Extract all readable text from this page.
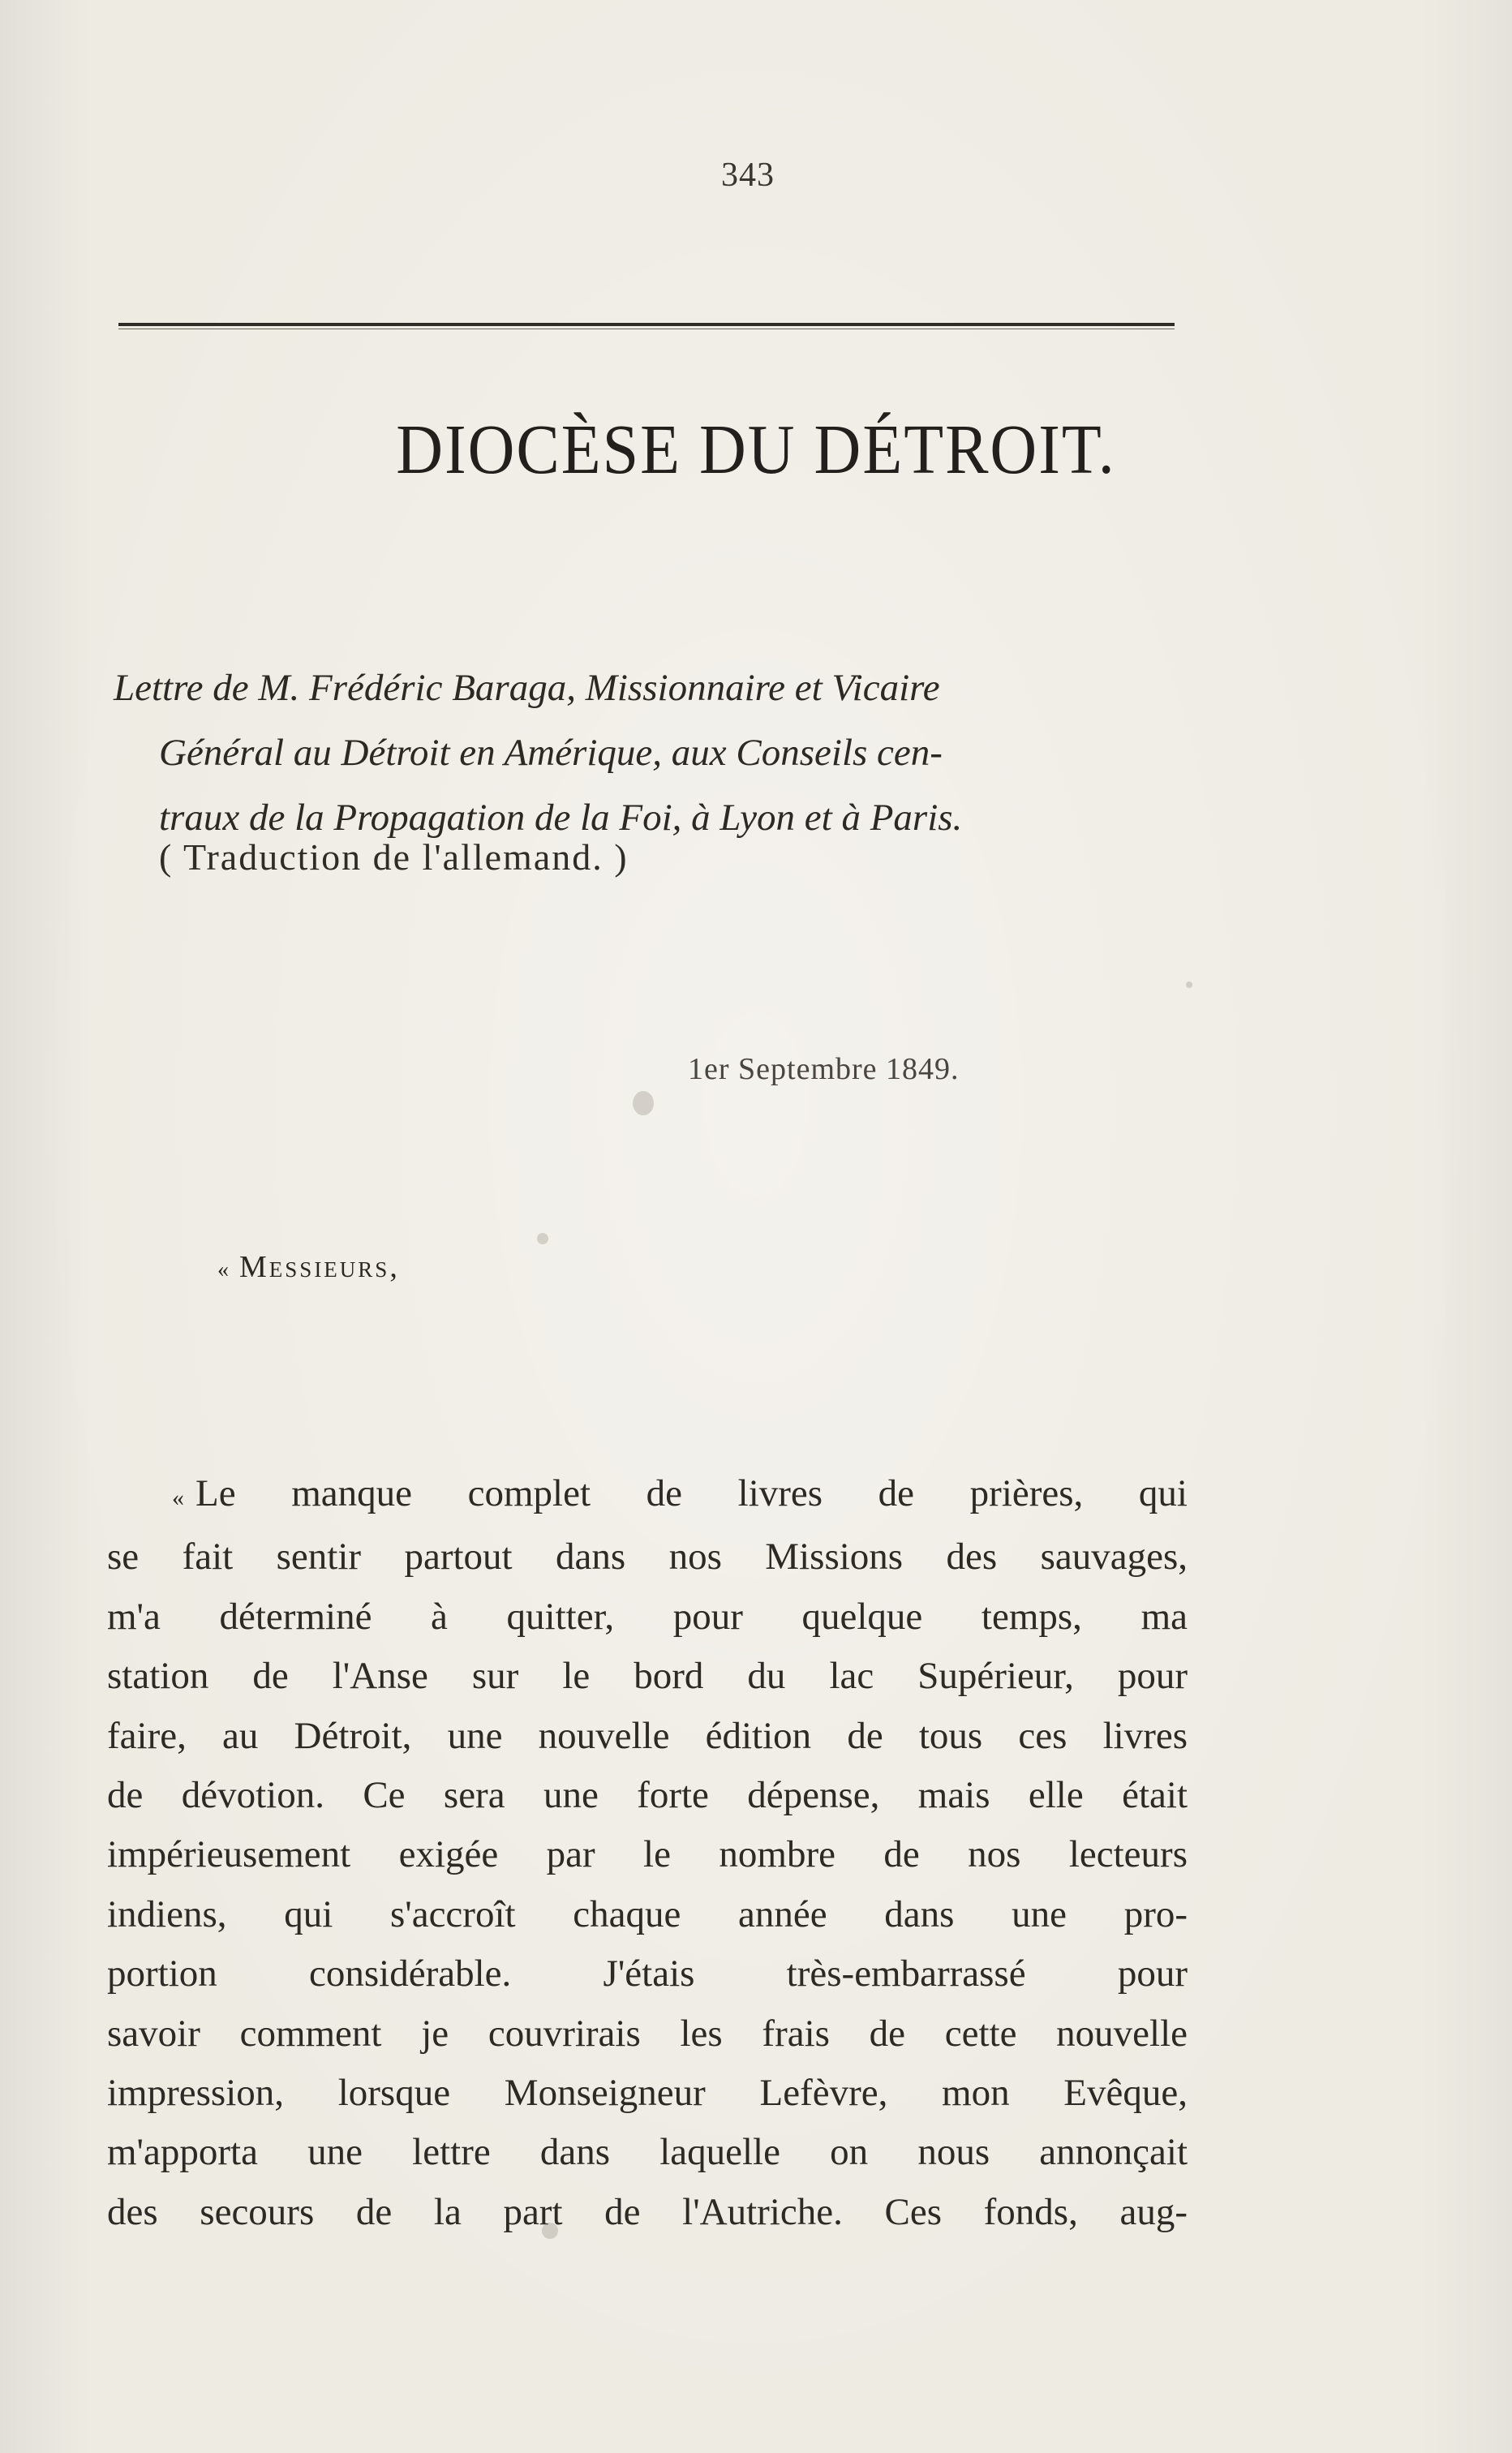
343
DIOCÈSE DU DÉTROIT.
Lettre de M. Frédéric Baraga, Missionnaire et Vicaire
Général au Détroit en Amérique, aux Conseils cen-
traux de la Propagation de la Foi, à Lyon et à Paris.
( Traduction de l'allemand. )
1er Septembre 1849.
« Messieurs,
« Le manque complet de livres de prières, qui
se fait sentir partout dans nos Missions des sauvages,
m'a déterminé à quitter, pour quelque temps, ma
station de l'Anse sur le bord du lac Supérieur, pour
faire, au Détroit, une nouvelle édition de tous ces livres
de dévotion. Ce sera une forte dépense, mais elle était
impérieusement exigée par le nombre de nos lecteurs
indiens, qui s'accroît chaque année dans une pro-
portion considérable. J'étais très-embarrassé pour
savoir comment je couvrirais les frais de cette nouvelle
impression, lorsque Monseigneur Lefèvre, mon Evêque,
m'apporta une lettre dans laquelle on nous annonçait
des secours de la part de l'Autriche. Ces fonds, aug-
